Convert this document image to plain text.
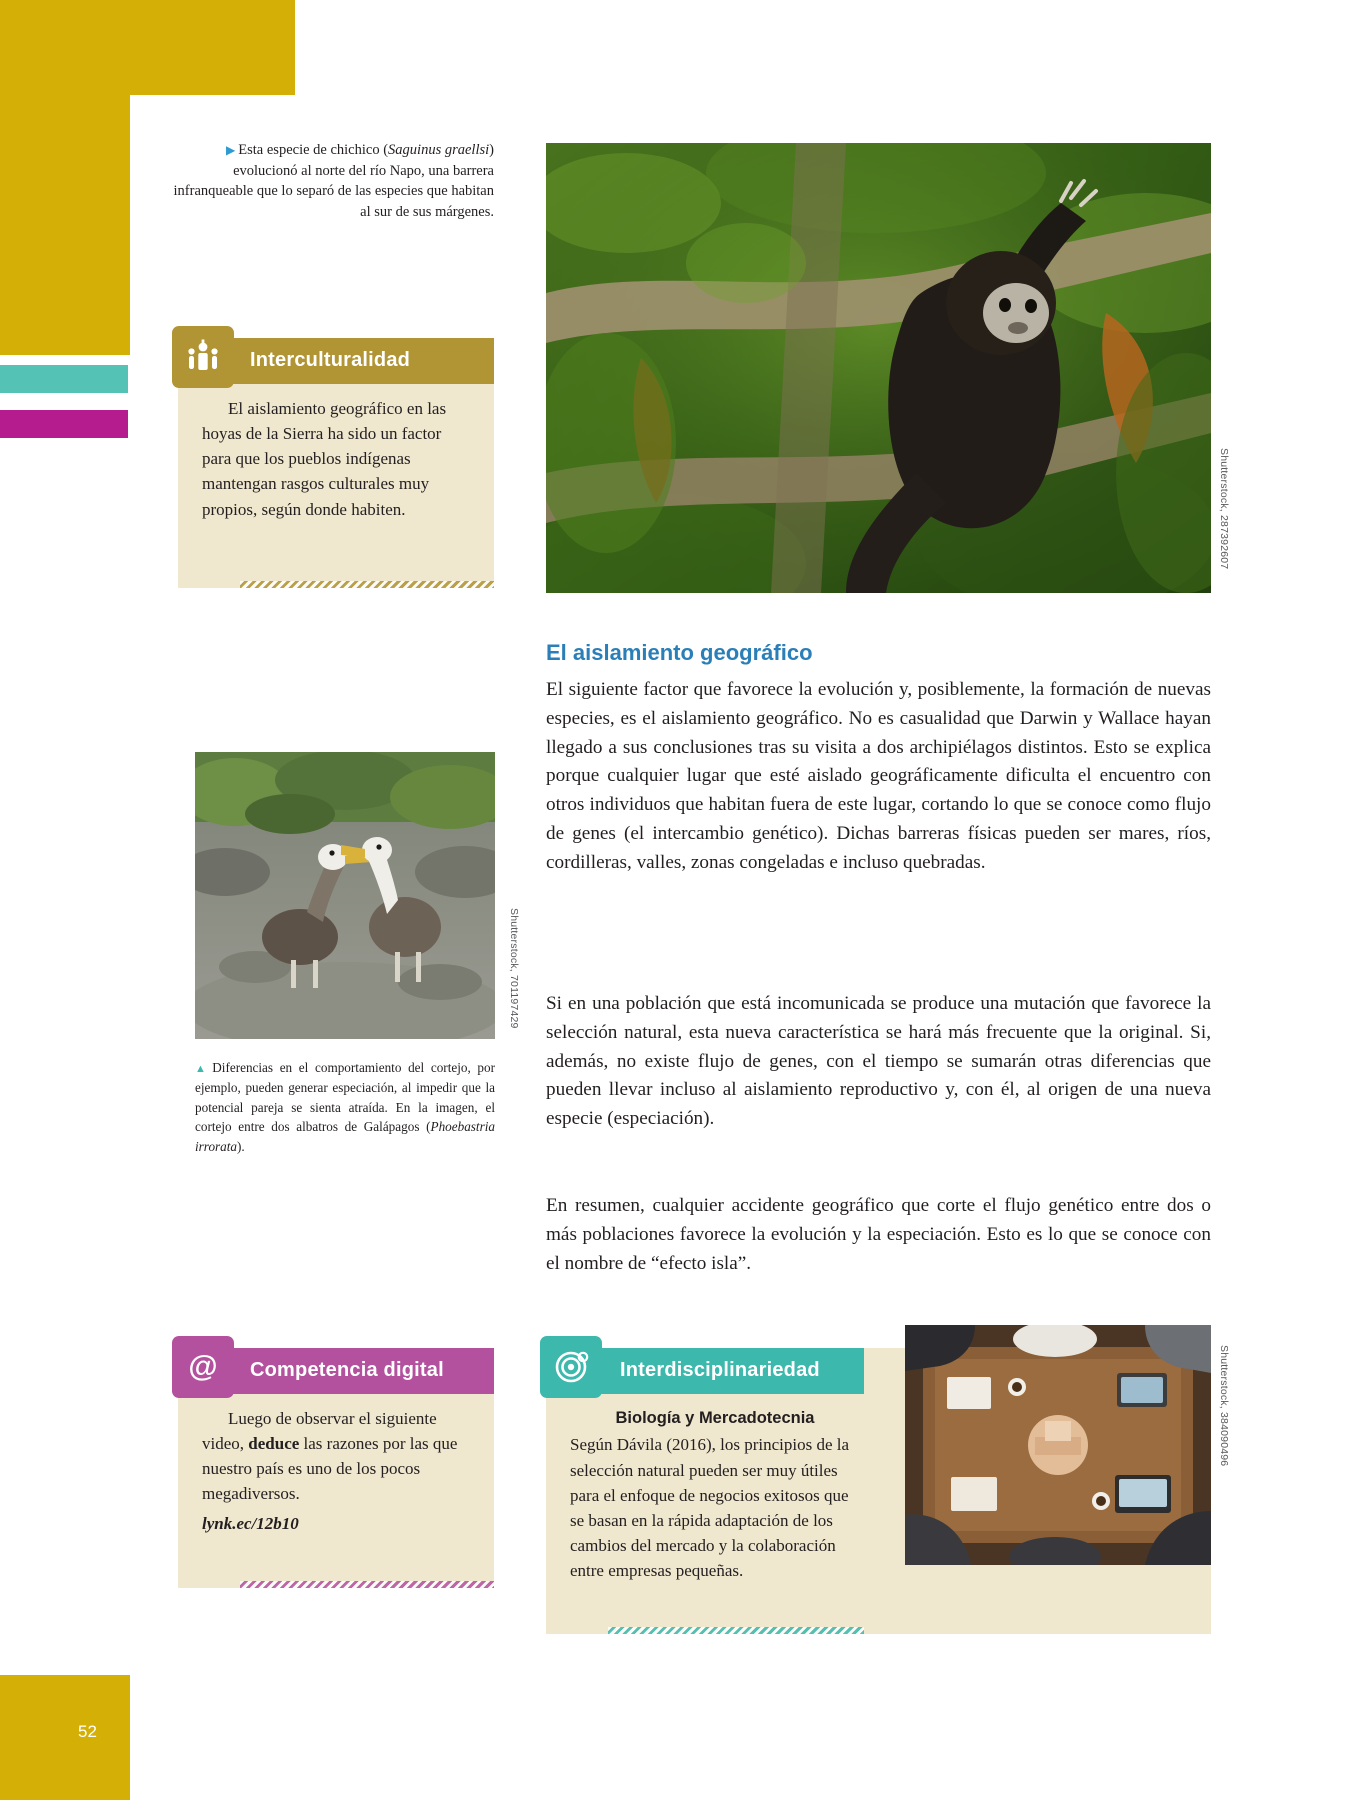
52
▶ Esta especie de chichico (Saguinus graellsi) evolucionó al norte del río Napo, una barrera infranqueable que lo separó de las especies que habitan al sur de sus márgenes.
Shutterstock, 287392607
Interculturalidad
El aislamiento geográfico en las hoyas de la Sierra ha sido un factor para que los pueblos indígenas mantengan rasgos culturales muy propios, según donde habiten.
El aislamiento geográfico
El siguiente factor que favorece la evolución y, posiblemente, la formación de nuevas especies, es el aislamiento geográfico. No es casualidad que Darwin y Wallace hayan llegado a sus conclusiones tras su visita a dos archipiélagos distintos. Esto se explica porque cualquier lugar que esté aislado geográficamente dificulta el encuentro con otros individuos que habitan fuera de este lugar, cortando lo que se conoce como flujo de genes (el intercambio genético). Dichas barreras físicas pueden ser mares, ríos, cordilleras, valles, zonas congeladas e incluso quebradas.
Si en una población que está incomunicada se produce una mutación que favorece la selección natural, esta nueva característica se hará más frecuente que la original. Si, además, no existe flujo de genes, con el tiempo se sumarán otras diferencias que pueden llevar incluso al aislamiento reproductivo y, con él, al origen de una nueva especie (especiación).
En resumen, cualquier accidente geográfico que corte el flujo genético entre dos o más poblaciones favorece la evolución y la especiación. Esto es lo que se conoce con el nombre de “efecto isla”.
Shutterstock, 701197429
▲ Diferencias en el comportamiento del cortejo, por ejemplo, pueden generar especiación, al impedir que la potencial pareja se sienta atraída. En la imagen, el cortejo entre dos albatros de Galápagos (Phoebastria irrorata).
@	Competencia digital
Luego de observar el siguiente video, deduce las razones por las que nuestro país es uno de los pocos megadiversos.
lynk.ec/12b10
Interdisciplinariedad
Biología y Mercadotecnia
Según Dávila (2016), los principios de la selección natural pueden ser muy útiles para el enfoque de negocios exitosos que se basan en la rápida adaptación de los cambios del mercado y la colaboración entre empresas pequeñas.
Shutterstock, 384090496
